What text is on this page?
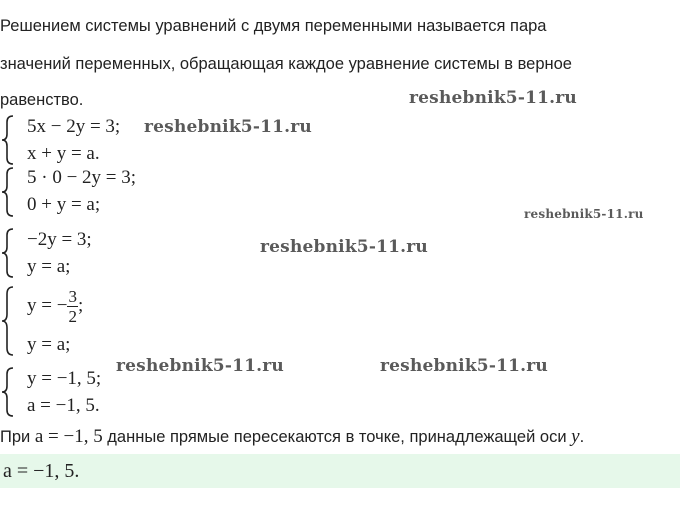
Решением системы уравнений с двумя переменными называется пара
значений переменных, обращающая каждое уравнение системы в верное
равенство.
5x − 2y = 3;
x + y = a.
5 · 0 − 2y = 3;
0 + y = a;
−2y = 3;
y = a;
y = − $\frac{3}{2}$ ;
y = a;
y = −1, 5;
a = −1, 5.
При a = −1, 5 данные прямые пересекаются в точке, принадлежащей оси y.
a = −1, 5.
reshebnik5-11.ru
reshebnik5-11.ru
reshebnik5-11.ru
reshebnik5-11.ru
reshebnik5-11.ru	reshebnik5-11.ru
